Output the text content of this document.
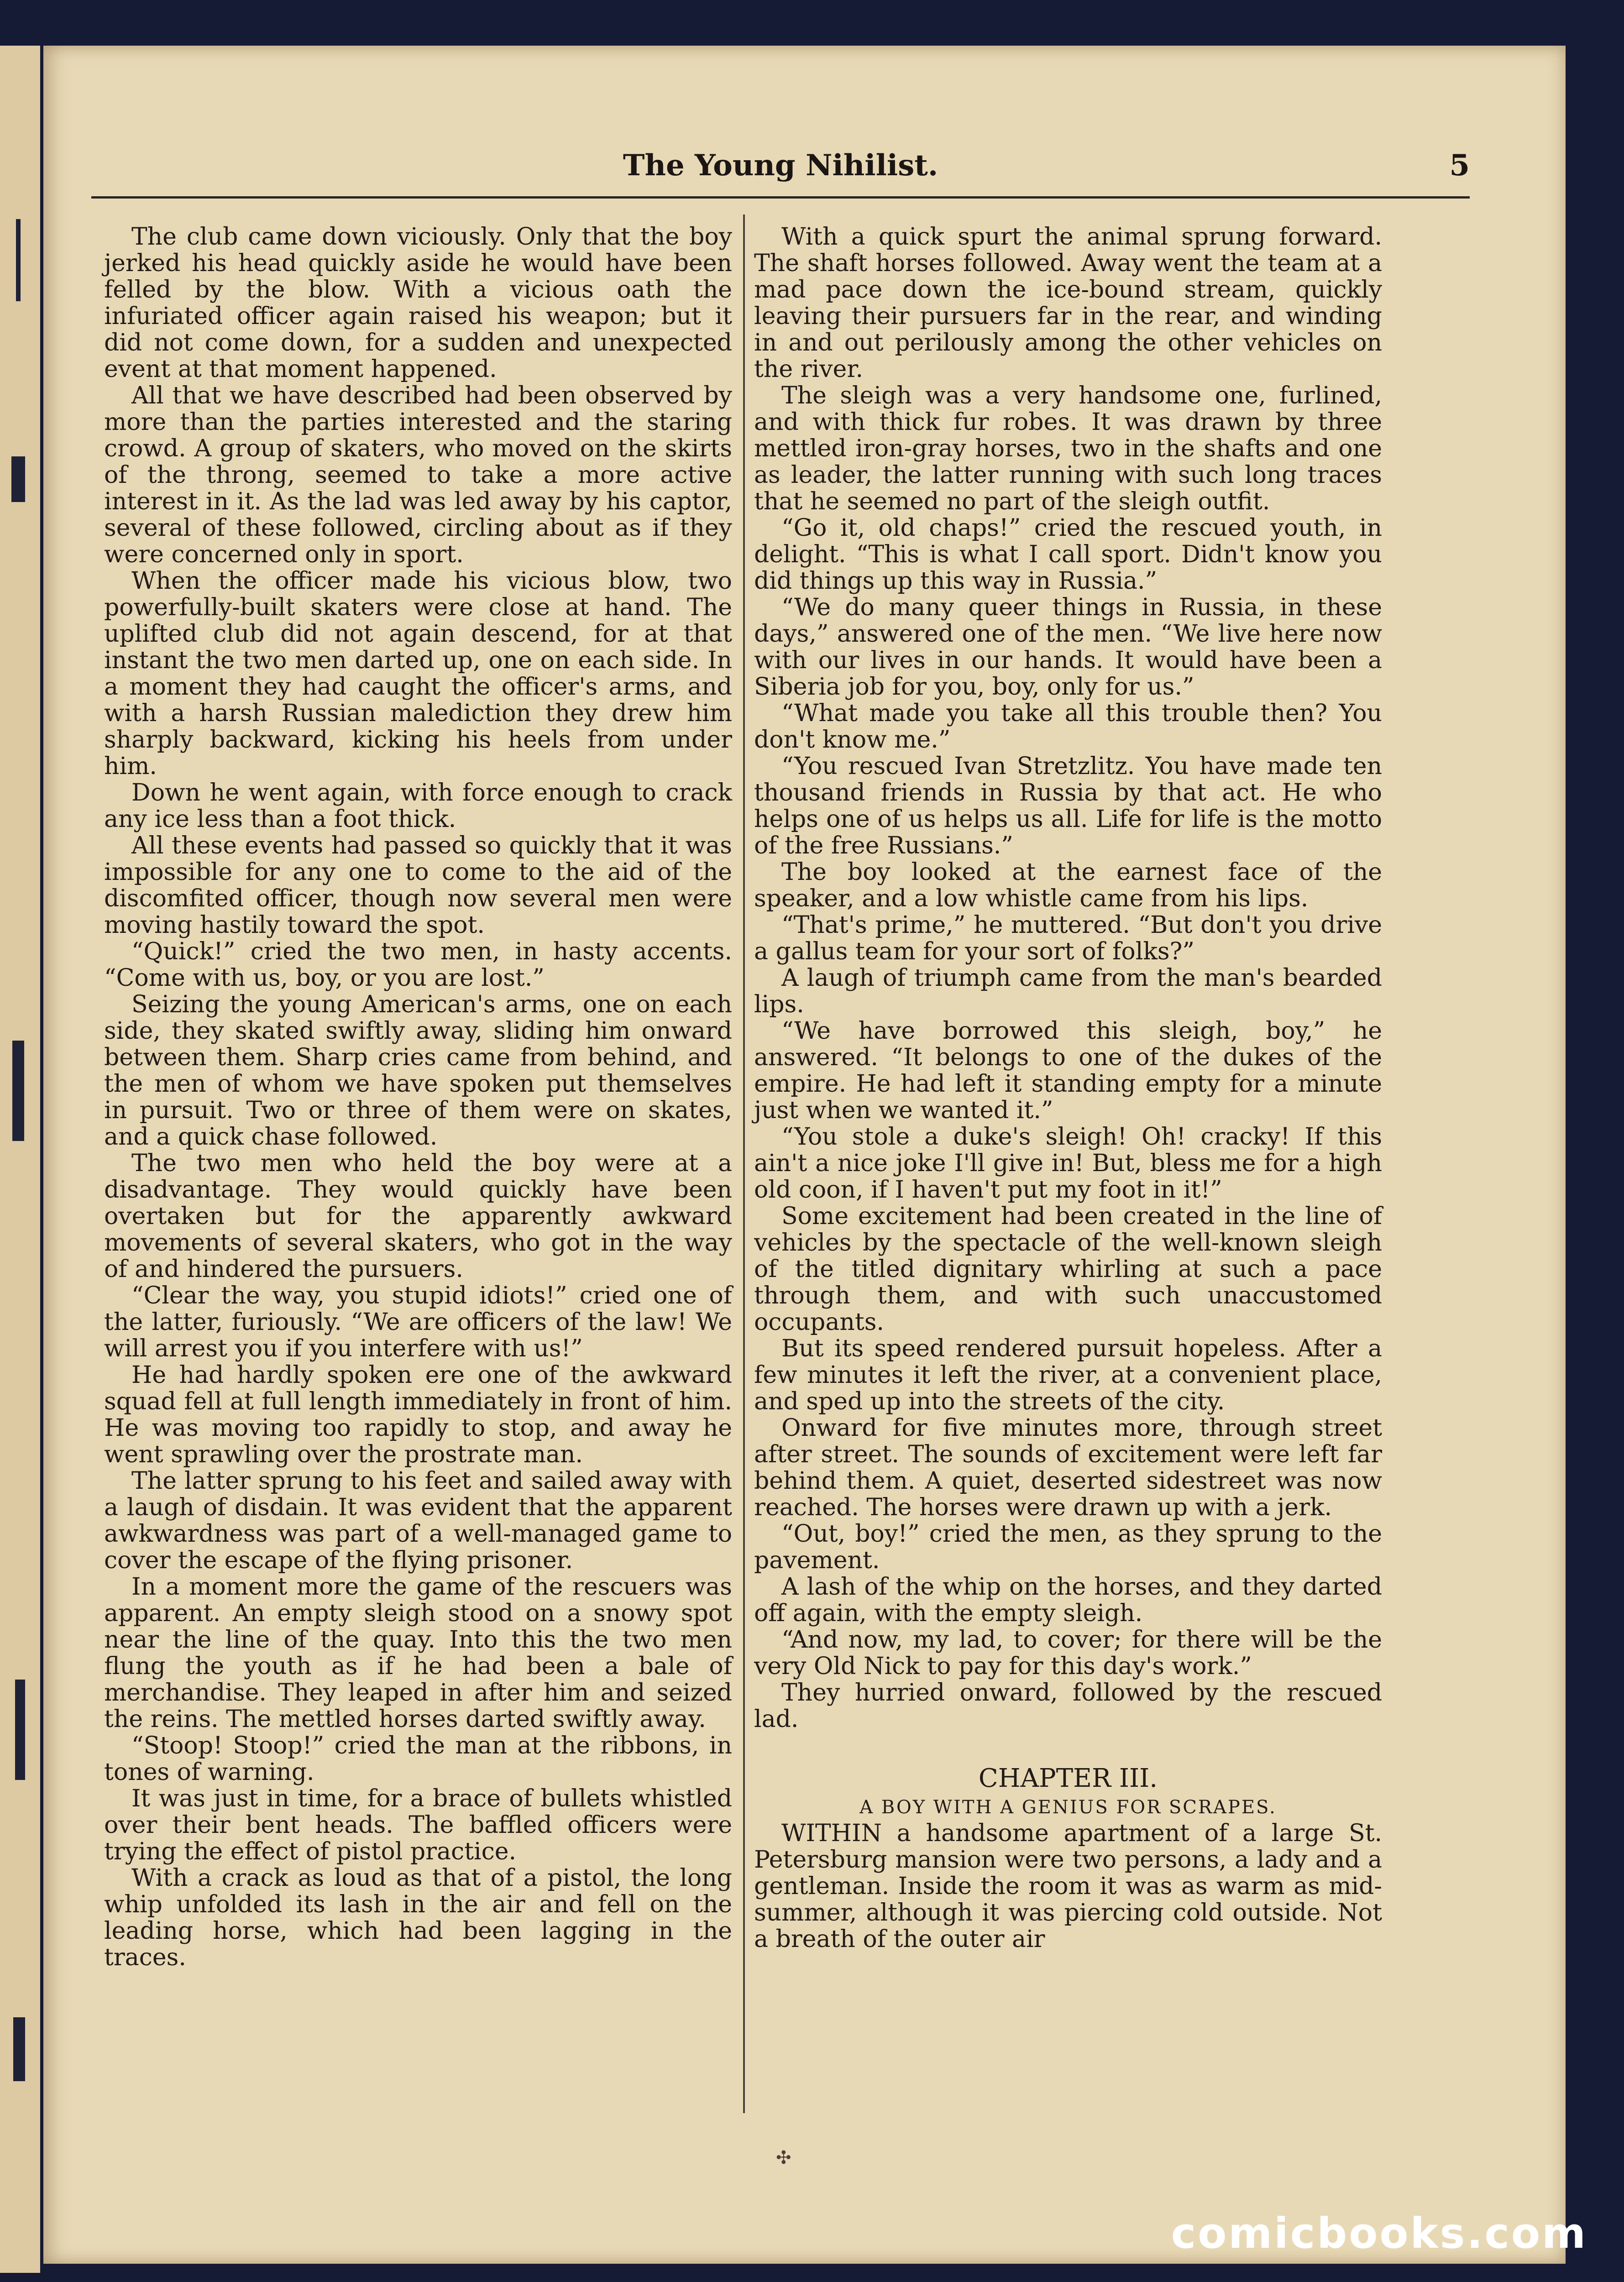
The Young Nihilist.	5

The club came down viciously. Only that the boy jerked his head quickly aside he would have been felled by the blow. With a vicious oath the infuriated officer again raised his weapon; but it did not come down, for a sudden and unexpected event at that moment happened.

All that we have described had been observed by more than the parties interested and the staring crowd. A group of skaters, who moved on the skirts of the throng, seemed to take a more active interest in it. As the lad was led away by his captor, several of these followed, circling about as if they were concerned only in sport.

When the officer made his vicious blow, two powerfully-built skaters were close at hand. The uplifted club did not again descend, for at that instant the two men darted up, one on each side. In a moment they had caught the officer's arms, and with a harsh Russian malediction they drew him sharply backward, kicking his heels from under him.

Down he went again, with force enough to crack any ice less than a foot thick.

All these events had passed so quickly that it was impossible for any one to come to the aid of the discomfited officer, though now several men were moving hastily toward the spot.

“Quick!” cried the two men, in hasty accents. “Come with us, boy, or you are lost.”

Seizing the young American's arms, one on each side, they skated swiftly away, sliding him onward between them. Sharp cries came from behind, and the men of whom we have spoken put themselves in pursuit. Two or three of them were on skates, and a quick chase followed.

The two men who held the boy were at a disadvantage. They would quickly have been overtaken but for the apparently awkward movements of several skaters, who got in the way of and hindered the pursuers.

“Clear the way, you stupid idiots!” cried one of the latter, furiously. “We are officers of the law! We will arrest you if you interfere with us!”

He had hardly spoken ere one of the awkward squad fell at full length immediately in front of him. He was moving too rapidly to stop, and away he went sprawling over the prostrate man.

The latter sprung to his feet and sailed away with a laugh of disdain. It was evident that the apparent awkwardness was part of a well-managed game to cover the escape of the flying prisoner.

In a moment more the game of the rescuers was apparent. An empty sleigh stood on a snowy spot near the line of the quay. Into this the two men flung the youth as if he had been a bale of merchandise. They leaped in after him and seized the reins. The mettled horses darted swiftly away.

“Stoop! Stoop!” cried the man at the ribbons, in tones of warning.

It was just in time, for a brace of bullets whistled over their bent heads. The baffled officers were trying the effect of pistol practice.

With a crack as loud as that of a pistol, the long whip unfolded its lash in the air and fell on the leading horse, which had been lagging in the traces.

With a quick spurt the animal sprung forward. The shaft horses followed. Away went the team at a mad pace down the ice-bound stream, quickly leaving their pursuers far in the rear, and winding in and out perilously among the other vehicles on the river.

The sleigh was a very handsome one, furlined, and with thick fur robes. It was drawn by three mettled iron-gray horses, two in the shafts and one as leader, the latter running with such long traces that he seemed no part of the sleigh outfit.

“Go it, old chaps!” cried the rescued youth, in delight. “This is what I call sport. Didn't know you did things up this way in Russia.”

“We do many queer things in Russia, in these days,” answered one of the men. “We live here now with our lives in our hands. It would have been a Siberia job for you, boy, only for us.”

“What made you take all this trouble then? You don't know me.”

“You rescued Ivan Stretzlitz. You have made ten thousand friends in Russia by that act. He who helps one of us helps us all. Life for life is the motto of the free Russians.”

The boy looked at the earnest face of the speaker, and a low whistle came from his lips.

“That's prime,” he muttered. “But don't you drive a gallus team for your sort of folks?”

A laugh of triumph came from the man's bearded lips.

“We have borrowed this sleigh, boy,” he answered. “It belongs to one of the dukes of the empire. He had left it standing empty for a minute just when we wanted it.”

“You stole a duke's sleigh! Oh! cracky! If this ain't a nice joke I'll give in! But, bless me for a high old coon, if I haven't put my foot in it!”

Some excitement had been created in the line of vehicles by the spectacle of the well-known sleigh of the titled dignitary whirling at such a pace through them, and with such unaccustomed occupants.

But its speed rendered pursuit hopeless. After a few minutes it left the river, at a convenient place, and sped up into the streets of the city.

Onward for five minutes more, through street after street. The sounds of excitement were left far behind them. A quiet, deserted sidestreet was now reached. The horses were drawn up with a jerk.

“Out, boy!” cried the men, as they sprung to the pavement.

A lash of the whip on the horses, and they darted off again, with the empty sleigh.

“And now, my lad, to cover; for there will be the very Old Nick to pay for this day's work.”

They hurried onward, followed by the rescued lad.

CHAPTER III.
A BOY WITH A GENIUS FOR SCRAPES.

WITHIN a handsome apartment of a large St. Petersburg mansion were two persons, a lady and a gentleman. Inside the room it was as warm as mid-summer, although it was piercing cold outside. Not a breath of the outer air

✣
comicbooks.com
